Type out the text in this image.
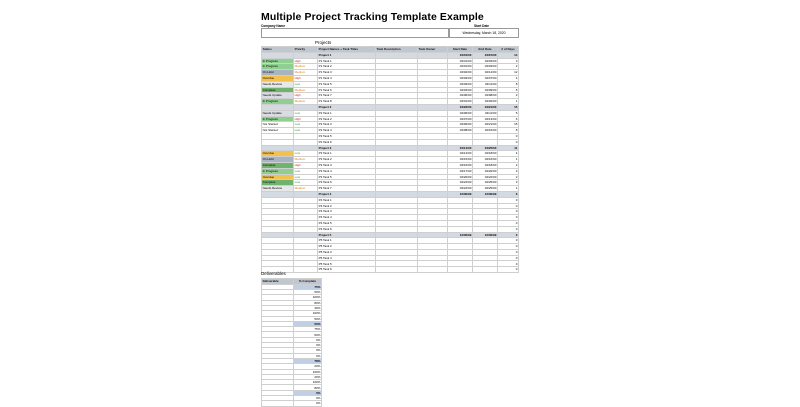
Multiple Project Tracking Template Example
Company Name	Start Date
Wednesday, March 18, 2020
Projects
Status	Priority	Project Names + Task Titles	Task Description	Task Owner	Start Date	End Date	# of Days
		Project 1			04/01/00	04/15/00	14
In Progress	High	P1 Task 1			03/31/00	04/03/00	3
In Progress	Medium	P1 Task 2			04/01/00	04/03/00	2
On Hold	Medium	P1 Task 3			04/02/00	04/14/00	12
Overdue	High	P1 Task 4			04/03/00	04/07/00	4
Needs Review	Low	P1 Task 5			04/03/00	04/11/00	8
Complete	Medium	P1 Task 6			04/04/00	04/09/00	5
Needs Update	High	P1 Task 7			04/06/00	04/08/00	2
In Progress	Medium	P1 Task 8			04/01/00	04/02/00	1
		Project 2			04/22/00	04/21/00	15
Needs Update	Low	P2 Task 1			04/06/00	04/11/00	5
In Progress	High	P2 Task 2			04/07/00	04/13/00	6
Not Started	Low	P2 Task 3			04/06/00	04/21/00	15
Not Started	Low	P2 Task 4			04/08/00	04/16/00	8
		P2 Task 5					0
		P2 Task 6					0
		Project 3			04/14/00	04/25/00	11
Overdue	Low	P3 Task 1			04/14/00	04/18/00	4
On Hold	Medium	P3 Task 2			04/15/00	04/16/00	1
Complete	High	P3 Task 3			04/16/00	04/18/00	2
In Progress	Low	P3 Task 4			04/17/00	04/20/00	3
Overdue	Low	P3 Task 5			04/20/00	04/22/00	2
Complete	Low	P3 Task 6			04/22/00	04/25/00	3
Needs Review	Medium	P3 Task 7			04/24/00	04/25/00	1
		Project 4			12/30/99	12/30/99	0
		P4 Task 1					0
		P4 Task 2					0
		P4 Task 3					0
		P4 Task 4					0
		P4 Task 5					0
		P4 Task 6					0
		Project 5			12/30/99	12/30/99	0
		P5 Task 1					0
		P5 Task 2					0
		P5 Task 3					0
		P5 Task 4					0
		P5 Task 5					0
		P5 Task 6					0
Deliverables
Deliverable	% Complete
	75%
	50%
	100%
	80%
	30%
	100%
	50%
	50%
	75%
	60%
	0%
	0%
	0%
	0%
	78%
	20%
	100%
	20%
	100%
	80%
	0%
	0%
	0%
